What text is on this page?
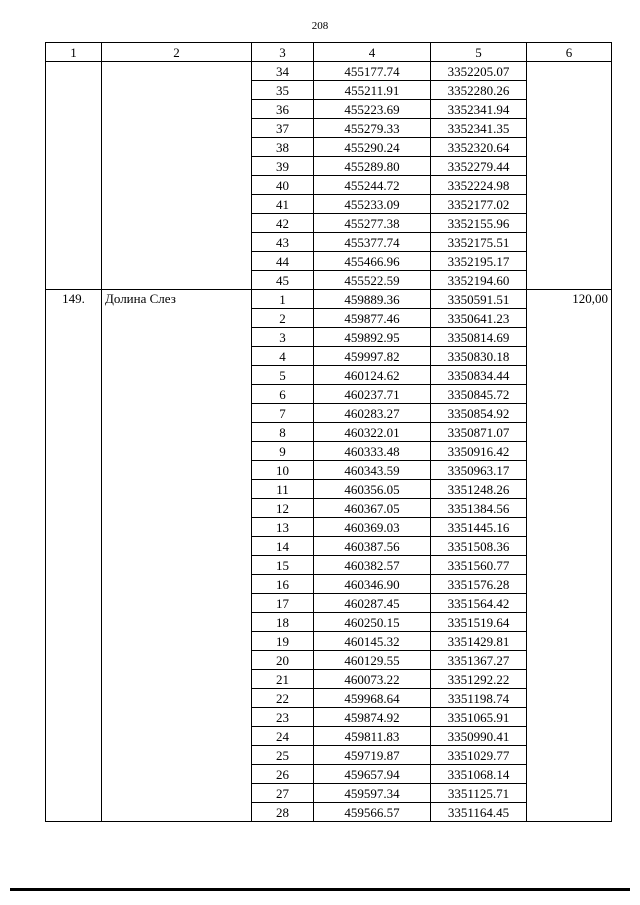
208
1	2	3	4	5	6
		34	455177.74	3352205.07	
		35	455211.91	3352280.26	
		36	455223.69	3352341.94	
		37	455279.33	3352341.35	
		38	455290.24	3352320.64	
		39	455289.80	3352279.44	
		40	455244.72	3352224.98	
		41	455233.09	3352177.02	
		42	455277.38	3352155.96	
		43	455377.74	3352175.51	
		44	455466.96	3352195.17	
		45	455522.59	3352194.60	
149.	Долина Слез	1	459889.36	3350591.51	120,00
		2	459877.46	3350641.23	
		3	459892.95	3350814.69	
		4	459997.82	3350830.18	
		5	460124.62	3350834.44	
		6	460237.71	3350845.72	
		7	460283.27	3350854.92	
		8	460322.01	3350871.07	
		9	460333.48	3350916.42	
		10	460343.59	3350963.17	
		11	460356.05	3351248.26	
		12	460367.05	3351384.56	
		13	460369.03	3351445.16	
		14	460387.56	3351508.36	
		15	460382.57	3351560.77	
		16	460346.90	3351576.28	
		17	460287.45	3351564.42	
		18	460250.15	3351519.64	
		19	460145.32	3351429.81	
		20	460129.55	3351367.27	
		21	460073.22	3351292.22	
		22	459968.64	3351198.74	
		23	459874.92	3351065.91	
		24	459811.83	3350990.41	
		25	459719.87	3351029.77	
		26	459657.94	3351068.14	
		27	459597.34	3351125.71	
		28	459566.57	3351164.45	
